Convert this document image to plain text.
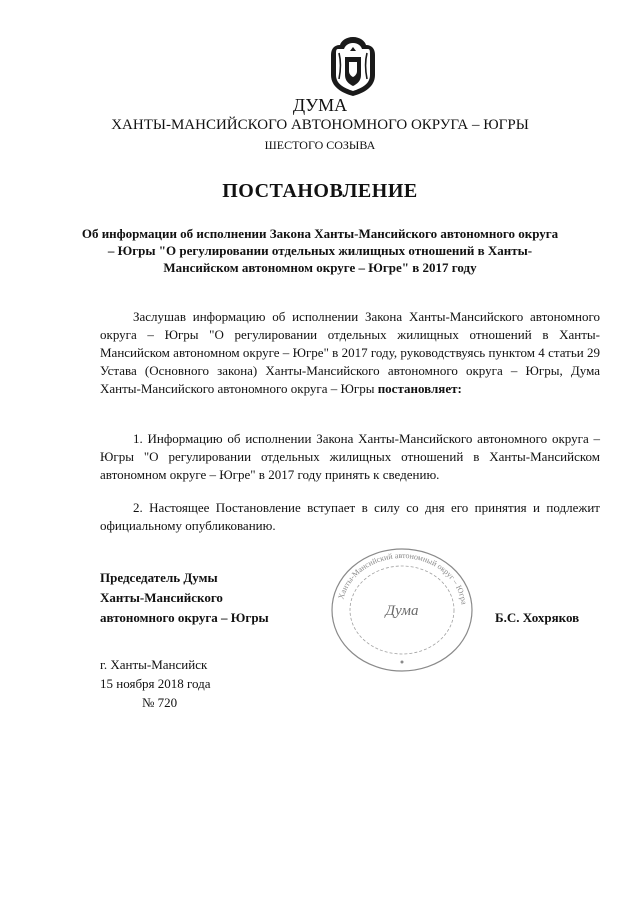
ДУМА
ХАНТЫ-МАНСИЙСКОГО АВТОНОМНОГО ОКРУГА – ЮГРЫ
ШЕСТОГО СОЗЫВА
ПОСТАНОВЛЕНИЕ
Об информации об исполнении Закона Ханты-Мансийского автономного округа – Югры "О регулировании отдельных жилищных отношений в Ханты-Мансийском автономном округе – Югре" в 2017 году

Заслушав информацию об исполнении Закона Ханты-Мансийского автономного округа – Югры "О регулировании отдельных жилищных отношений в Ханты-Мансийском автономном округе – Югре" в 2017 году, руководствуясь пунктом 4 статьи 29 Устава (Основного закона) Ханты-Мансийского автономного округа – Югры, Дума Ханты-Мансийского автономного округа – Югры постановляет:

1. Информацию об исполнении Закона Ханты-Мансийского автономного округа – Югры "О регулировании отдельных жилищных отношений в Ханты-Мансийском автономном округе – Югре" в 2017 году принять к сведению.

2. Настоящее Постановление вступает в силу со дня его принятия и подлежит официальному опубликованию.

Председатель Думы
Ханты-Мансийского
автономного округа – Югры
Ханты-Мансийский автономный округ – Югра
Дума	Б.С. Хохряков
г. Ханты-Мансийск
15 ноября 2018 года
№ 720
